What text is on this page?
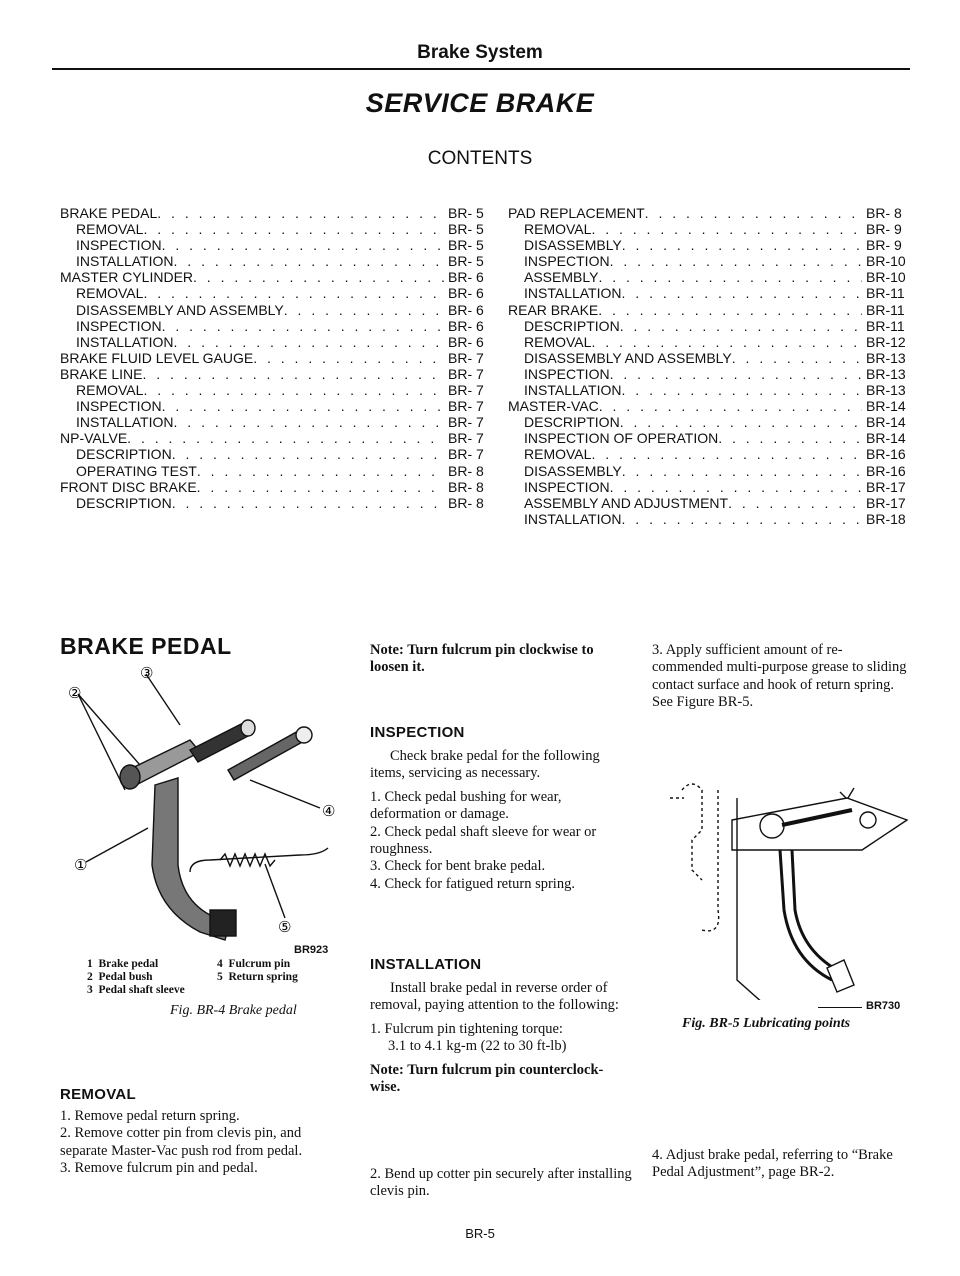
Brake System
SERVICE BRAKE
CONTENTS
BRAKE PEDAL . . .	BR- 5
REMOVAL . . .	BR- 5
INSPECTION . . .	BR- 5
INSTALLATION . . .	BR- 5
MASTER CYLINDER . . .	BR- 6
REMOVAL . . .	BR- 6
DISASSEMBLY AND ASSEMBLY . . .	BR- 6
INSPECTION . . .	BR- 6
INSTALLATION . . .	BR- 6
BRAKE FLUID LEVEL GAUGE . . .	BR- 7
BRAKE LINE . . .	BR- 7
REMOVAL . . .	BR- 7
INSPECTION . . .	BR- 7
INSTALLATION . . .	BR- 7
NP-VALVE . . .	BR- 7
DESCRIPTION . . .	BR- 7
OPERATING TEST . . .	BR- 8
FRONT DISC BRAKE . . .	BR- 8
DESCRIPTION . . .	BR- 8
PAD REPLACEMENT . . .	BR- 8
REMOVAL . . .	BR- 9
DISASSEMBLY . . .	BR- 9
INSPECTION . . .	BR-10
ASSEMBLY . . .	BR-10
INSTALLATION . . .	BR-11
REAR BRAKE . . .	BR-11
DESCRIPTION . . .	BR-11
REMOVAL . . .	BR-12
DISASSEMBLY AND ASSEMBLY . . .	BR-13
INSPECTION . . .	BR-13
INSTALLATION . . .	BR-13
MASTER-VAC . . .	BR-14
DESCRIPTION . . .	BR-14
INSPECTION OF OPERATION . . .	BR-14
REMOVAL . . .	BR-16
DISASSEMBLY . . .	BR-16
INSPECTION . . .	BR-17
ASSEMBLY AND ADJUSTMENT . . .	BR-17
INSTALLATION . . .	BR-18
BRAKE PEDAL
②
③
④
⑤
①
BR923
1 Brake pedal	4 Fulcrum pin
2 Pedal bush	5 Return spring
3 Pedal shaft sleeve
Fig. BR-4 Brake pedal
REMOVAL

1. Remove pedal return spring.

2. Remove cotter pin from clevis pin, and separate Master-Vac push rod from pedal.

3. Remove fulcrum pin and pedal.

Note: Turn fulcrum pin clockwise to loosen it.
INSPECTION

Check brake pedal for the following items, servicing as necessary.

1. Check pedal bushing for wear, deformation or damage.

2. Check pedal shaft sleeve for wear or roughness.

3. Check for bent brake pedal.

4. Check for fatigued return spring.

INSTALLATION

Install brake pedal in reverse order of removal, paying attention to the following:

1. Fulcrum pin tightening torque:

3.1 to 4.1 kg-m (22 to 30 ft-lb)

Note: Turn fulcrum pin counterclock-wise.

2. Bend up cotter pin securely after installing clevis pin.
3. Apply sufficient amount of re-commended multi-purpose grease to sliding contact surface and hook of return spring. See Figure BR-5.
BR730
Fig. BR-5 Lubricating points
4. Adjust brake pedal, referring to “Brake Pedal Adjustment”, page BR-2.
BR-5
